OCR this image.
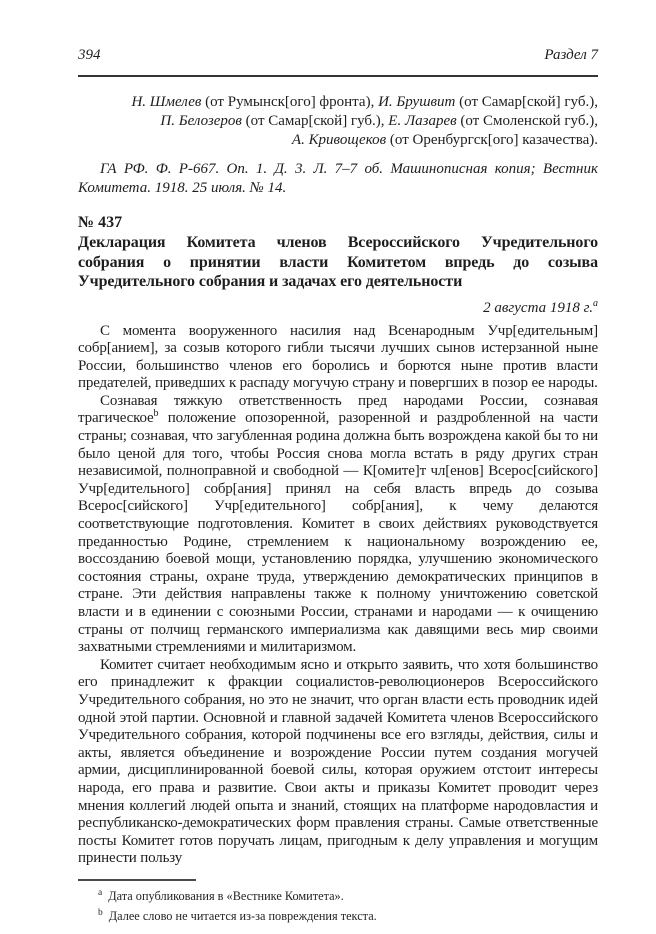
394	Раздел 7
Н. Шмелев (от Румынск[ого] фронта), И. Брушвит (от Самар[ской] губ.),
П. Белозеров (от Самар[ской] губ.), Е. Лазарев (от Смоленской губ.),
А. Кривощеков (от Оренбургск[ого] казачества).

ГА РФ. Ф. Р-667. Оп. 1. Д. 3. Л. 7–7 об. Машинописная копия; Вестник Комитета. 1918. 25 июля. № 14.

№ 437
Декларация Комитета членов Всероссийского Учредительного собрания о принятии власти Комитетом впредь до созыва Учредительного собрания и задачах его деятельности
2 августа 1918 г.$^a$

С момента вооруженного насилия над Всенародным Учр[едительным] собр[анием], за созыв которого гибли тысячи лучших сынов истерзанной ныне России, большинство членов его боролись и борются ныне против власти предателей, приведших к распаду могучую страну и повергших в позор ее народы.

Сознавая тяжкую ответственность пред народами России, сознавая трагическое$^b$ положение опозоренной, разоренной и раздробленной на части страны; сознавая, что загубленная родина должна быть возрождена какой бы то ни было ценой для того, чтобы Россия снова могла встать в ряду других стран независимой, полноправной и свободной — К[омите]т чл[енов] Всерос[сийского] Учр[едительного] собр[ания] принял на себя власть впредь до созыва Всерос[сийского] Учр[едительного] собр[ания], к чему делаются соответствующие подготовления. Комитет в своих действиях руководствуется преданностью Родине, стремлением к национальному возрождению ее, воссозданию боевой мощи, установлению порядка, улучшению экономического состояния страны, охране труда, утверждению демократических принципов в стране. Эти действия направлены также к полному уничтожению советской власти и в единении с союзными России, странами и народами — к очищению страны от полчищ германского империализма как давящими весь мир своими захватными стремлениями и милитаризмом.

Комитет считает необходимым ясно и открыто заявить, что хотя большинство его принадлежит к фракции социалистов-революционеров Всероссийского Учредительного собрания, но это не значит, что орган власти есть проводник идей одной этой партии. Основной и главной задачей Комитета членов Всероссийского Учредительного собрания, которой подчинены все его взгляды, действия, силы и акты, является объединение и возрождение России путем создания могучей армии, дисциплинированной боевой силы, которая оружием отстоит интересы народа, его права и развитие. Свои акты и приказы Комитет проводит через мнения коллегий людей опыта и знаний, стоящих на платформе народовластия и республиканско-демократических форм правления страны. Самые ответственные посты Комитет готов поручать лицам, пригодным к делу управления и могущим принести пользу

$^a$ Дата опубликования в «Вестнике Комитета».
$^b$ Далее слово не читается из-за повреждения текста.
